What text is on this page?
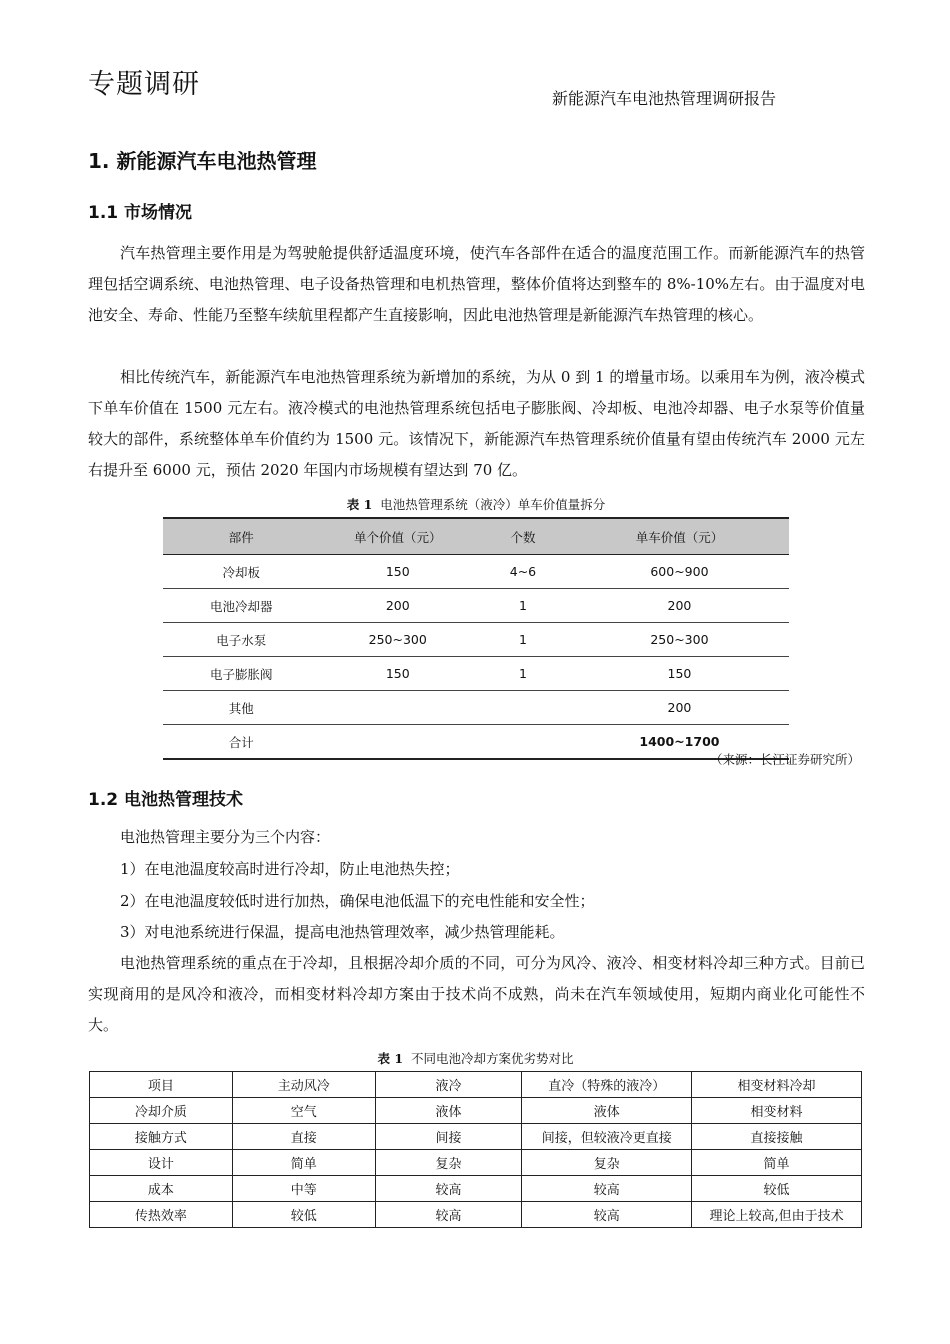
专题调研	新能源汽车电池热管理调研报告
1. 新能源汽车电池热管理
1.1 市场情况

汽车热管理主要作用是为驾驶舱提供舒适温度环境，使汽车各部件在适合的温度范围工作。而新能源汽车的热管理包括空调系统、电池热管理、电子设备热管理和电机热管理，整体价值将达到整车的 8%-10%左右。由于温度对电池安全、寿命、性能乃至整车续航里程都产生直接影响，因此电池热管理是新能源汽车热管理的核心。

相比传统汽车，新能源汽车电池热管理系统为新增加的系统，为从 0 到 1 的增量市场。以乘用车为例，液冷模式下单车价值在 1500 元左右。液冷模式的电池热管理系统包括电子膨胀阀、冷却板、电池冷却器、电子水泵等价值量较大的部件，系统整体单车价值约为 1500 元。该情况下，新能源汽车热管理系统价值量有望由传统汽车 2000 元左右提升至 6000 元，预估 2020 年国内市场规模有望达到 70 亿。

表 1 电池热管理系统（液冷）单车价值量拆分
部件	单个价值（元）	个数	单车价值（元）
冷却板	150	4~6	600~900
电池冷却器	200	1	200
电子水泵	250~300	1	250~300
电子膨胀阀	150	1	150
其他			200
合计			1400~1700
（来源：长江证券研究所）
1.2 电池热管理技术
电池热管理主要分为三个内容：
1）在电池温度较高时进行冷却，防止电池热失控；
2）在电池温度较低时进行加热，确保电池低温下的充电性能和安全性；
3）对电池系统进行保温，提高电池热管理效率，减少热管理能耗。

电池热管理系统的重点在于冷却，且根据冷却介质的不同，可分为风冷、液冷、相变材料冷却三种方式。目前已实现商用的是风冷和液冷，而相变材料冷却方案由于技术尚不成熟，尚未在汽车领域使用，短期内商业化可能性不大。

表 1 不同电池冷却方案优劣势对比
项目	主动风冷	液冷	直冷（特殊的液冷）	相变材料冷却
冷却介质	空气	液体	液体	相变材料
接触方式	直接	间接	间接，但较液冷更直接	直接接触
设计	简单	复杂	复杂	简单
成本	中等	较高	较高	较低
传热效率	较低	较高	较高	理论上较高,但由于技术
